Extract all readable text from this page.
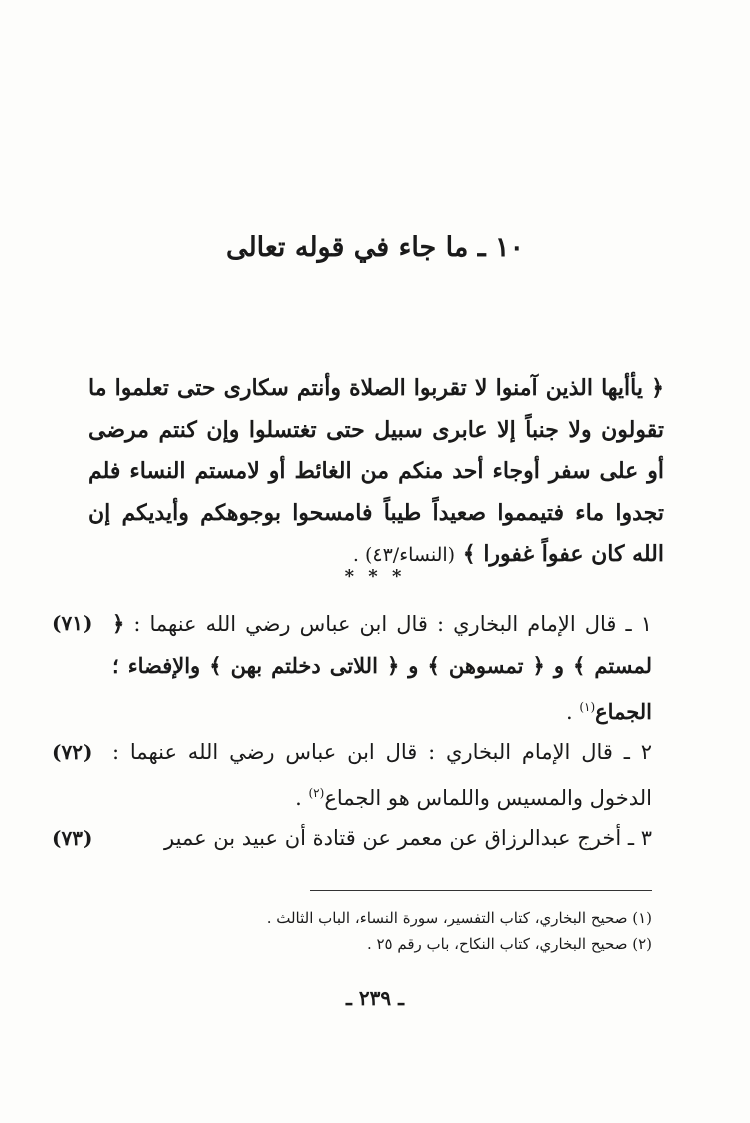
١٠ ـ ما جاء في قوله تعالى
﴿ يأأيها الذين آمنوا لا تقربوا الصلاة وأنتم سكارى حتى تعلموا ما تقولون ولا جنباً إلا عابرى سبيل حتى تغتسلوا وإن كنتم مرضى أو على سفر أوجاء أحد منكم من الغائط أو لامستم النساء فلم تجدوا ماء فتيمموا صعيداً طيباً فامسحوا بوجوهكم وأيديكم إن الله كان عفواً غفورا ﴾ (النساء/٤٣) .
* * *
(٧١) ١ ـ قال الإمام البخاري : قال ابن عباس رضي الله عنهما : ﴿ لمستم ﴾ و ﴿ تمسوهن ﴾ و ﴿ اللاتى دخلتم بهن ﴾ والإفضاء ؛ الجماع$^{(١)}$ .
(٧٢) ٢ ـ قال الإمام البخاري : قال ابن عباس رضي الله عنهما : الدخول والمسيس واللماس هو الجماع$^{(٢)}$ .
(٧٣)	٣ ـ أخرج عبدالرزاق عن معمر عن قتادة أن عبيد بن عمير
(١) صحيح البخاري، كتاب التفسير، سورة النساء، الباب الثالث .
(٢) صحيح البخاري، كتاب النكاح، باب رقم ٢٥ .
ـ ٢٣٩ ـ
